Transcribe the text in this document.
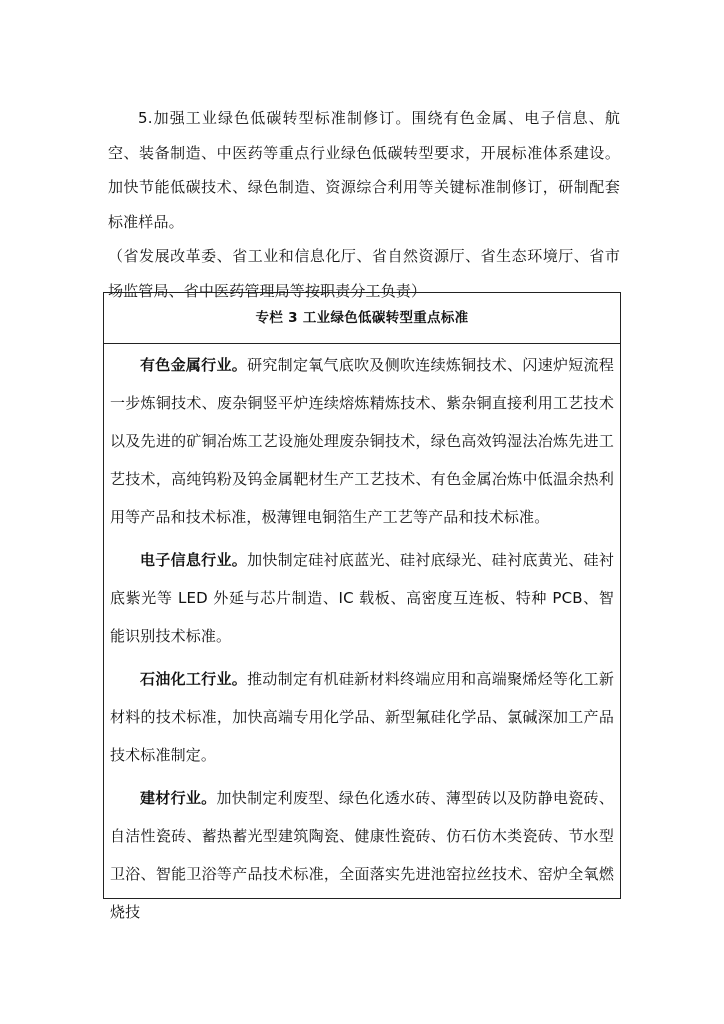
5.加强工业绿色低碳转型标准制修订。围绕有色金属、电子信息、航空、装备制造、中医药等重点行业绿色低碳转型要求，开展标准体系建设。加快节能低碳技术、绿色制造、资源综合利用等关键标准制修订，研制配套标准样品。

（省发展改革委、省工业和信息化厅、省自然资源厅、省生态环境厅、省市场监管局、省中医药管理局等按职责分工负责）

专栏 3 工业绿色低碳转型重点标准

有色金属行业。研究制定氧气底吹及侧吹连续炼铜技术、闪速炉短流程一步炼铜技术、废杂铜竖平炉连续熔炼精炼技术、紫杂铜直接利用工艺技术以及先进的矿铜冶炼工艺设施处理废杂铜技术，绿色高效钨湿法冶炼先进工艺技术，高纯钨粉及钨金属靶材生产工艺技术、有色金属冶炼中低温余热利用等产品和技术标准，极薄锂电铜箔生产工艺等产品和技术标准。

电子信息行业。加快制定硅衬底蓝光、硅衬底绿光、硅衬底黄光、硅衬底紫光等 LED 外延与芯片制造、IC 载板、高密度互连板、特种 PCB、智能识别技术标准。

石油化工行业。推动制定有机硅新材料终端应用和高端聚烯烃等化工新材料的技术标准，加快高端专用化学品、新型氟硅化学品、氯碱深加工产品技术标准制定。

建材行业。加快制定利废型、绿色化透水砖、薄型砖以及防静电瓷砖、自洁性瓷砖、蓄热蓄光型建筑陶瓷、健康性瓷砖、仿石仿木类瓷砖、节水型卫浴、智能卫浴等产品技术标准，全面落实先进池窑拉丝技术、窑炉全氧燃烧技
